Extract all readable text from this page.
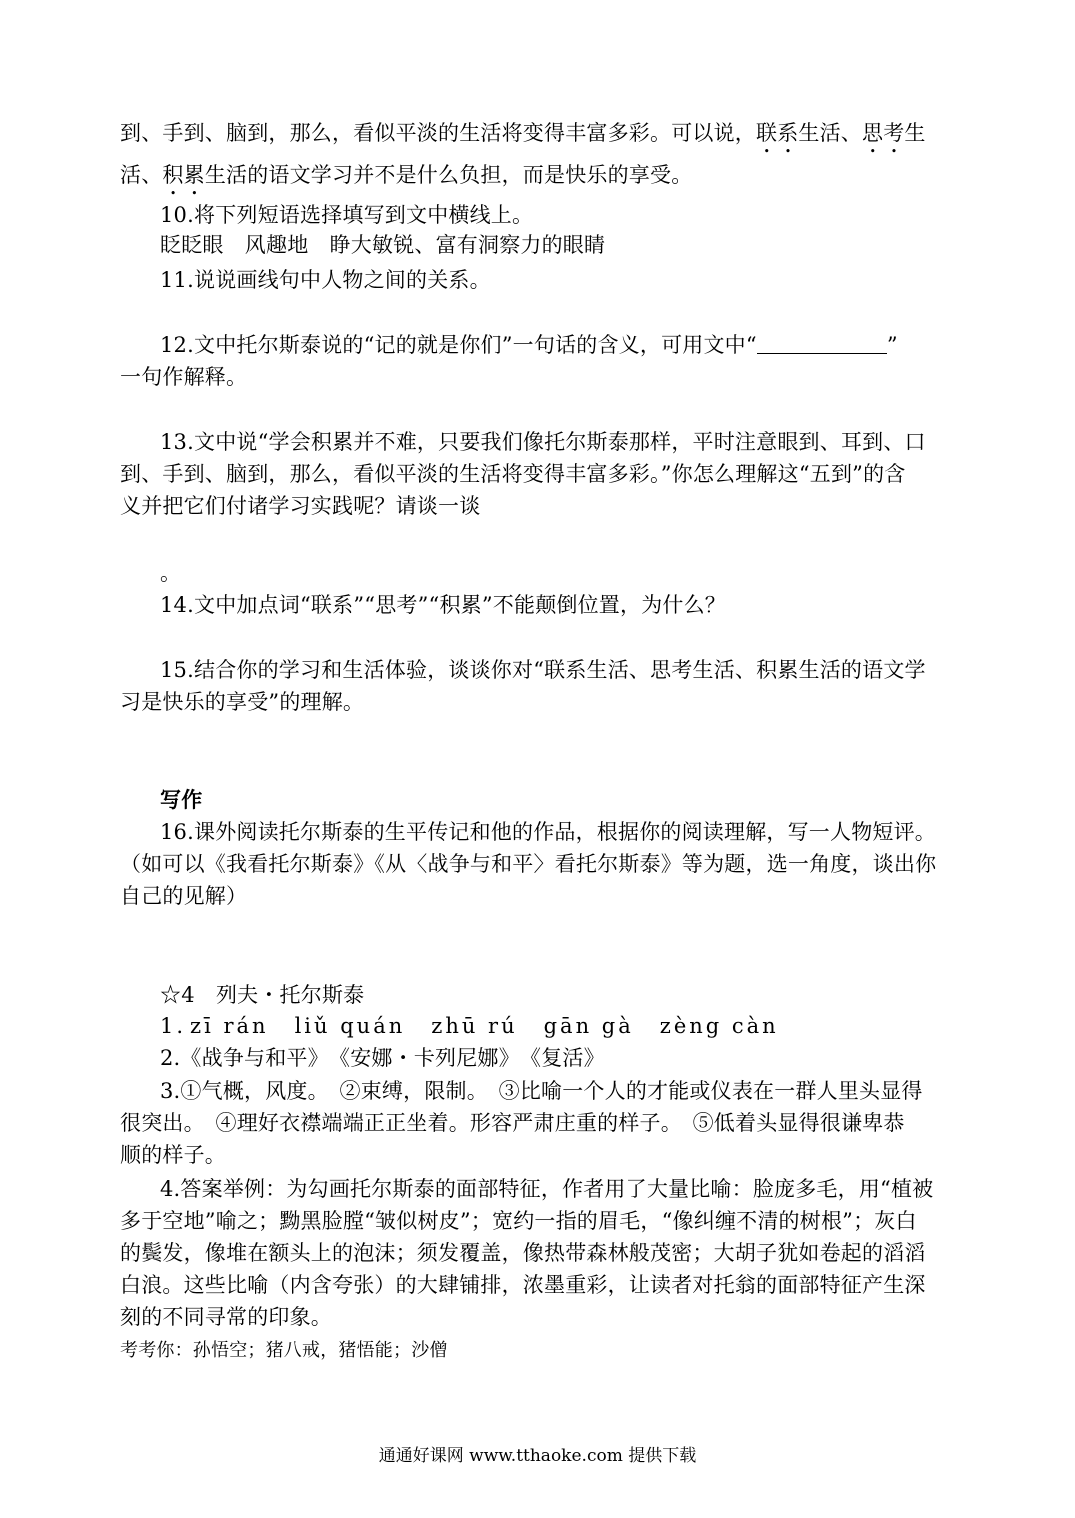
到、手到、脑到，那么，看似平淡的生活将变得丰富多彩。可以说，联系生活、思考生
活、积累生活的语文学习并不是什么负担，而是快乐的享受。
10.将下列短语选择填写到文中横线上。
眨眨眼　风趣地　睁大敏锐、富有洞察力的眼睛
11.说说画线句中人物之间的关系。
12.文中托尔斯泰说的“记的就是你们”一句话的含义，可用文中“	”
一句作解释。
13.文中说“学会积累并不难，只要我们像托尔斯泰那样，平时注意眼到、耳到、口
到、手到、脑到，那么，看似平淡的生活将变得丰富多彩。”你怎么理解这“五到”的含
义并把它们付诸学习实践呢？请谈一谈
。
14.文中加点词“联系”“思考”“积累”不能颠倒位置，为什么？
15.结合你的学习和生活体验，谈谈你对“联系生活、思考生活、积累生活的语文学
习是快乐的享受”的理解。
写作
16.课外阅读托尔斯泰的生平传记和他的作品，根据你的阅读理解，写一人物短评。
（如可以《我看托尔斯泰》《从〈战争与和平〉看托尔斯泰》等为题，选一角度，谈出你
自己的见解）
☆4　列夫・托尔斯泰
1. zī rán liǔ quán zhū rú gān gà zèng càn
2.《战争与和平》　《安娜・卡列尼娜》　《复活》
3.①气概，风度。　②束缚，限制。　③比喻一个人的才能或仪表在一群人里头显得
很突出。　④理好衣襟端端正正坐着。形容严肃庄重的样子。　⑤低着头显得很谦卑恭
顺的样子。
4.答案举例：为勾画托尔斯泰的面部特征，作者用了大量比喻：脸庞多毛，用“植被
多于空地”喻之；黝黑脸膛“皱似树皮”；宽约一指的眉毛，“像纠缠不清的树根”；灰白
的鬓发，像堆在额头上的泡沫；须发覆盖，像热带森林般茂密；大胡子犹如卷起的滔滔
白浪。这些比喻（内含夸张）的大肆铺排，浓墨重彩，让读者对托翁的面部特征产生深
刻的不同寻常的印象。
考考你：孙悟空；猪八戒，猪悟能；沙僧
通通好课网 www.tthaoke.com 提供下载
